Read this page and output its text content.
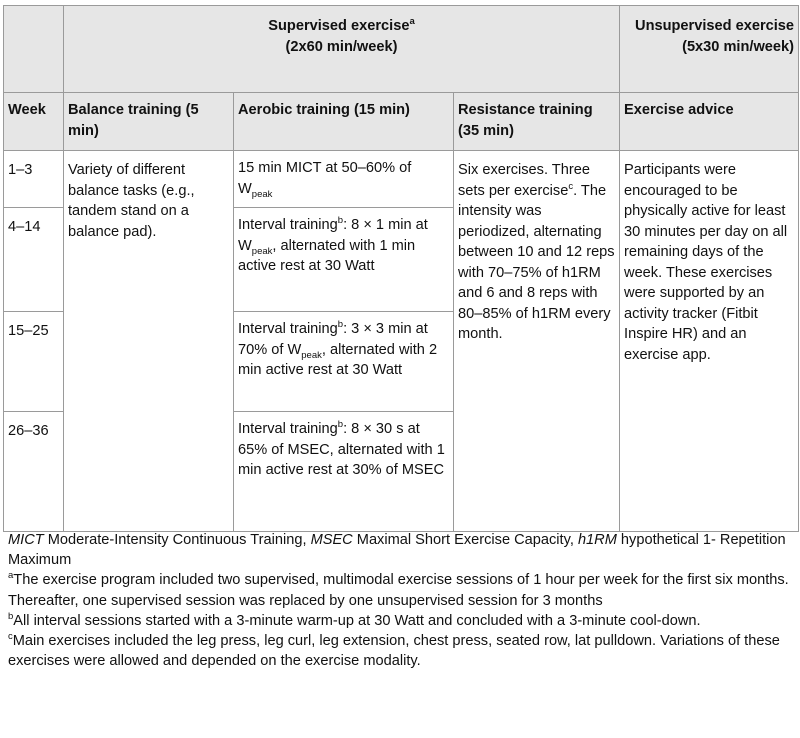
	Supervised exercise$^a$
(2x60 min/week)			Unsupervised exercise (5x30 min/week)
Week	Balance training (5 min)	Aerobic training (15 min)	Resistance training (35 min)	Exercise advice
1–3	Variety of different balance tasks (e.g., tandem stand on a balance pad).	15 min MICT at 50–60% of $W_{peak}$	Six exercises. Three sets per exercise$^c$. The intensity was periodized, alternating between 10 and 12 reps with 70–75% of h1RM and 6 and 8 reps with 80–85% of h1RM every month.	Participants were encouraged to be physically active for least 30 minutes per day on all remaining days of the week. These exercises were supported by an activity tracker (Fitbit Inspire HR) and an exercise app.
4–14		Interval training$^b$: 8 × 1 min at $W_{peak}$, alternated with 1 min active rest at 30 Watt		
15–25		Interval training$^b$: 3 × 3 min at 70% of $W_{peak}$, alternated with 2 min active rest at 30 Watt		
26–36		Interval training$^b$: 8 × 30 s at 65% of MSEC, alternated with 1 min active rest at 30% of MSEC		

MICT Moderate-Intensity Continuous Training, MSEC Maximal Short Exercise Capacity, h1RM hypothetical 1- Repetition Maximum

$^a$The exercise program included two supervised, multimodal exercise sessions of 1 hour per week for the first six months. Thereafter, one supervised session was replaced by one unsupervised session for 3 months

$^b$All interval sessions started with a 3-minute warm-up at 30 Watt and concluded with a 3-minute cool-down.

$^c$Main exercises included the leg press, leg curl, leg extension, chest press, seated row, lat pulldown. Variations of these exercises were allowed and depended on the exercise modality.
